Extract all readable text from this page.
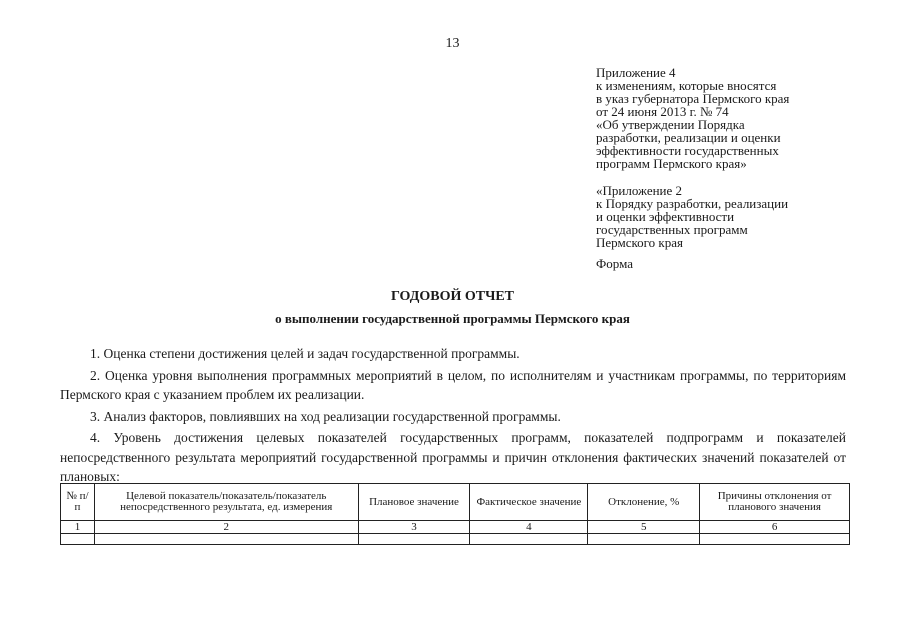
13
Приложение 4
к изменениям, которые вносятся
в указ губернатора Пермского края
от 24 июня 2013 г. № 74
«Об утверждении Порядка
разработки, реализации и оценки
эффективности государственных
программ Пермского края»
«Приложение 2
к Порядку разработки, реализации
и оценки эффективности
государственных программ
Пермского края
Форма
ГОДОВОЙ ОТЧЕТ
о выполнении государственной программы Пермского края

1. Оценка степени достижения целей и задач государственной программы.

2. Оценка уровня выполнения программных мероприятий в целом, по исполнителям и участникам программы, по территориям Пермского края с указанием проблем их реализации.

3. Анализ факторов, повлиявших на ход реализации государственной программы.

4. Уровень достижения целевых показателей государственных программ, показателей подпрограмм и показателей непосредственного результата мероприятий государственной программы и причин отклонения фактических значений показателей от плановых:

№ п/п	Целевой показатель/показатель/показатель непосредственного результата, ед. измерения	Плановое значение	Фактическое значение	Отклонение, %	Причины отклонения от планового значения
1	2	3	4	5	6
